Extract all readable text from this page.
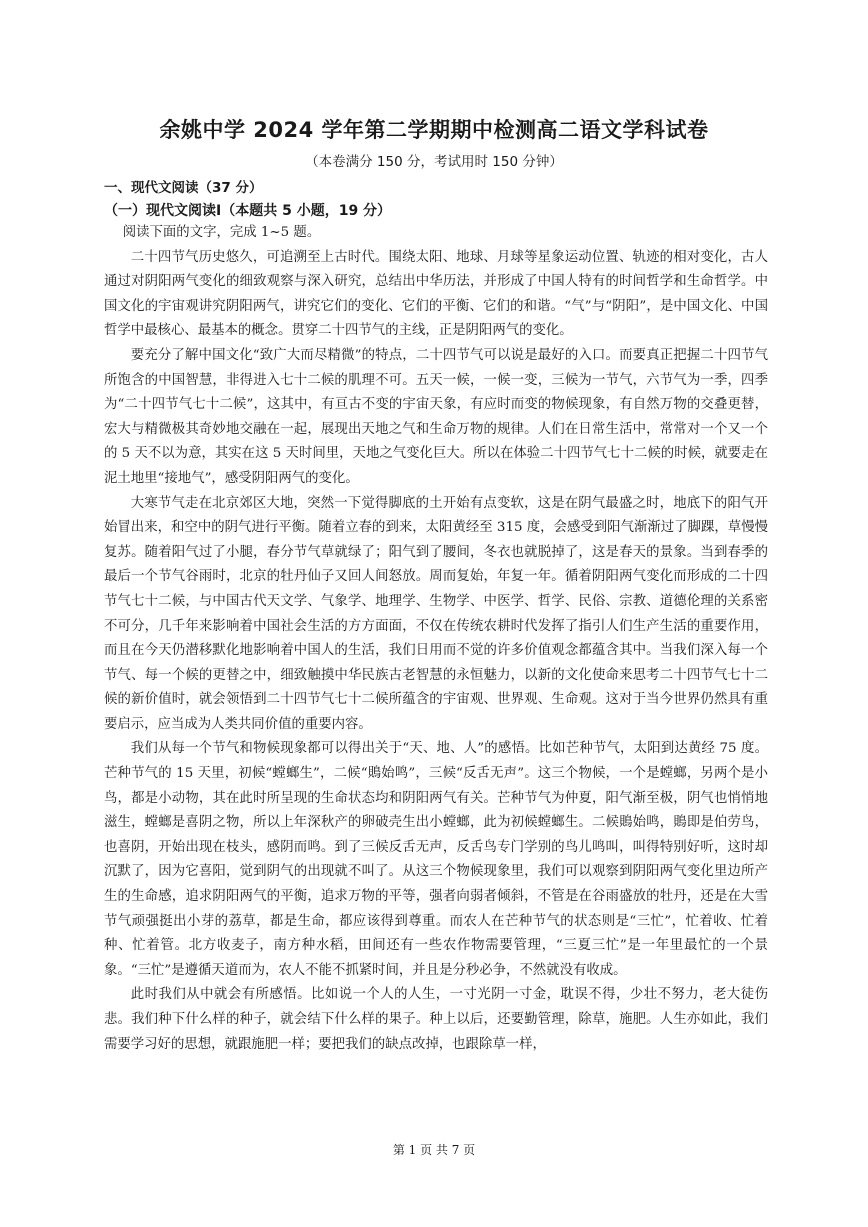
余姚中学 2024 学年第二学期期中检测高二语文学科试卷
（本卷满分 150 分，考试用时 150 分钟）
一、现代文阅读（37 分）
（一）现代文阅读Ⅰ（本题共 5 小题，19 分）

阅读下面的文字，完成 1~5 题。

二十四节气历史悠久，可追溯至上古时代。围绕太阳、地球、月球等星象运动位置、轨迹的相对变化，古人通过对阴阳两气变化的细致观察与深入研究，总结出中华历法，并形成了中国人特有的时间哲学和生命哲学。中国文化的宇宙观讲究阴阳两气，讲究它们的变化、它们的平衡、它们的和谐。“气”与“阴阳”，是中国文化、中国哲学中最核心、最基本的概念。贯穿二十四节气的主线，正是阴阳两气的变化。

要充分了解中国文化“致广大而尽精微”的特点，二十四节气可以说是最好的入口。而要真正把握二十四节气所饱含的中国智慧，非得进入七十二候的肌理不可。五天一候，一候一变，三候为一节气，六节气为一季，四季为“二十四节气七十二候”，这其中，有亘古不变的宇宙天象，有应时而变的物候现象，有自然万物的交叠更替，宏大与精微极其奇妙地交融在一起，展现出天地之气和生命万物的规律。人们在日常生活中，常常对一个又一个的 5 天不以为意，其实在这 5 天时间里，天地之气变化巨大。所以在体验二十四节气七十二候的时候，就要走在泥土地里“接地气”，感受阴阳两气的变化。

大寒节气走在北京郊区大地，突然一下觉得脚底的土开始有点变软，这是在阴气最盛之时，地底下的阳气开始冒出来，和空中的阴气进行平衡。随着立春的到来，太阳黄经至 315 度，会感受到阳气渐渐过了脚踝，草慢慢复苏。随着阳气过了小腿，春分节气草就绿了；阳气到了腰间，冬衣也就脱掉了，这是春天的景象。当到春季的最后一个节气谷雨时，北京的牡丹仙子又回人间怒放。周而复始，年复一年。循着阴阳两气变化而形成的二十四节气七十二候，与中国古代天文学、气象学、地理学、生物学、中医学、哲学、民俗、宗教、道德伦理的关系密不可分，几千年来影响着中国社会生活的方方面面，不仅在传统农耕时代发挥了指引人们生产生活的重要作用，而且在今天仍潜移默化地影响着中国人的生活，我们日用而不觉的许多价值观念都蕴含其中。当我们深入每一个节气、每一个候的更替之中，细致触摸中华民族古老智慧的永恒魅力，以新的文化使命来思考二十四节气七十二候的新价值时，就会领悟到二十四节气七十二候所蕴含的宇宙观、世界观、生命观。这对于当今世界仍然具有重要启示，应当成为人类共同价值的重要内容。

我们从每一个节气和物候现象都可以得出关于“天、地、人”的感悟。比如芒种节气，太阳到达黄经 75 度。芒种节气的 15 天里，初候“螳螂生”，二候“鵙始鸣”，三候“反舌无声”。这三个物候，一个是螳螂，另两个是小鸟，都是小动物，其在此时所呈现的生命状态均和阴阳两气有关。芒种节气为仲夏，阳气渐至极，阴气也悄悄地滋生，螳螂是喜阴之物，所以上年深秋产的卵破壳生出小螳螂，此为初候螳螂生。二候鵙始鸣，鵙即是伯劳鸟，也喜阴，开始出现在枝头，感阴而鸣。到了三候反舌无声，反舌鸟专门学别的鸟儿鸣叫，叫得特别好听，这时却沉默了，因为它喜阳，觉到阴气的出现就不叫了。从这三个物候现象里，我们可以观察到阴阳两气变化里边所产生的生命感，追求阴阳两气的平衡，追求万物的平等，强者向弱者倾斜，不管是在谷雨盛放的牡丹，还是在大雪节气顽强挺出小芽的荔草，都是生命，都应该得到尊重。而农人在芒种节气的状态则是“三忙”，忙着收、忙着种、忙着管。北方收麦子，南方种水稻，田间还有一些农作物需要管理，“三夏三忙”是一年里最忙的一个景象。“三忙”是遵循天道而为，农人不能不抓紧时间，并且是分秒必争，不然就没有收成。

此时我们从中就会有所感悟。比如说一个人的人生，一寸光阴一寸金，耽误不得，少壮不努力，老大徒伤悲。我们种下什么样的种子，就会结下什么样的果子。种上以后，还要勤管理，除草，施肥。人生亦如此，我们需要学习好的思想，就跟施肥一样；要把我们的缺点改掉，也跟除草一样，

第 1 页 共 7 页
